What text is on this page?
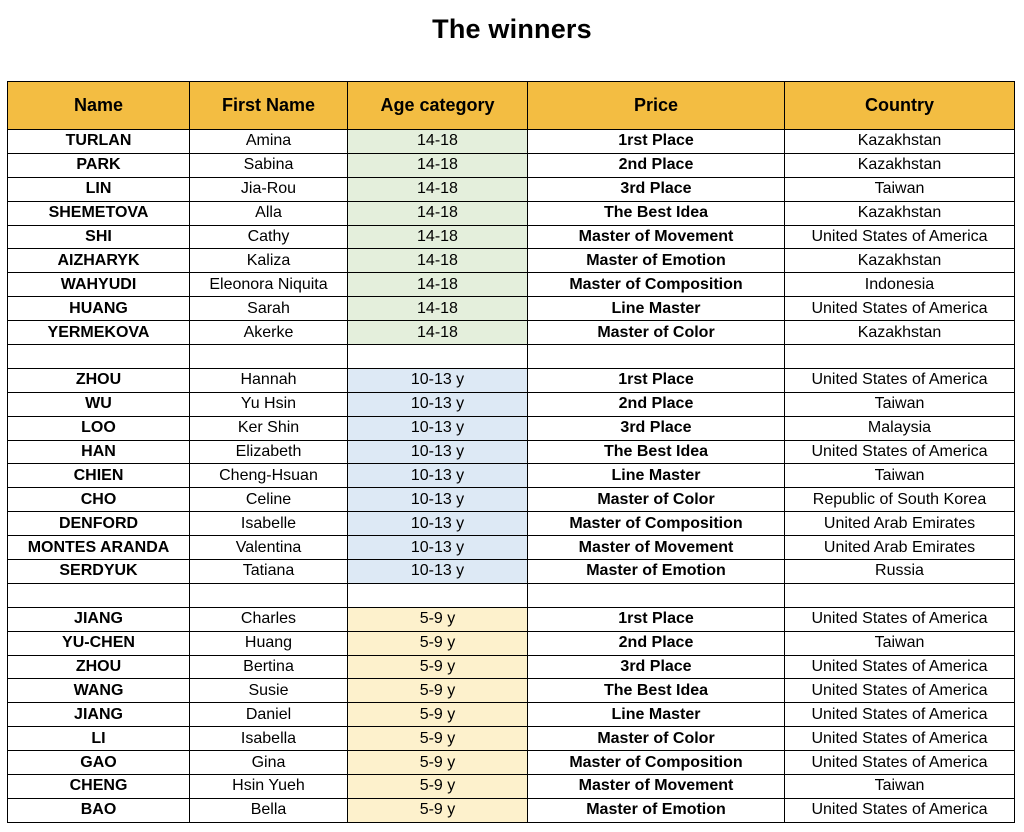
The winners
Name	First Name	Age category	Price	Country
TURLAN	Amina	14-18	1rst Place	Kazakhstan
PARK	Sabina	14-18	2nd Place	Kazakhstan
LIN	Jia-Rou	14-18	3rd Place	Taiwan
SHEMETOVA	Alla	14-18	The Best Idea	Kazakhstan
SHI	Cathy	14-18	Master of Movement	United States of America
AIZHARYK	Kaliza	14-18	Master of Emotion	Kazakhstan
WAHYUDI	Eleonora Niquita	14-18	Master of Composition	Indonesia
HUANG	Sarah	14-18	Line Master	United States of America
YERMEKOVA	Akerke	14-18	Master of Color	Kazakhstan

ZHOU	Hannah	10-13 y	1rst Place	United States of America
WU	Yu Hsin	10-13 y	2nd Place	Taiwan
LOO	Ker Shin	10-13 y	3rd Place	Malaysia
HAN	Elizabeth	10-13 y	The Best Idea	United States of America
CHIEN	Cheng-Hsuan	10-13 y	Line Master	Taiwan
CHO	Celine	10-13 y	Master of Color	Republic of South Korea
DENFORD	Isabelle	10-13 y	Master of Composition	United Arab Emirates
MONTES ARANDA	Valentina	10-13 y	Master of Movement	United Arab Emirates
SERDYUK	Tatiana	10-13 y	Master of Emotion	Russia

JIANG	Charles	5-9 y	1rst Place	United States of America
YU-CHEN	Huang	5-9 y	2nd Place	Taiwan
ZHOU	Bertina	5-9 y	3rd Place	United States of America
WANG	Susie	5-9 y	The Best Idea	United States of America
JIANG	Daniel	5-9 y	Line Master	United States of America
LI	Isabella	5-9 y	Master of Color	United States of America
GAO	Gina	5-9 y	Master of Composition	United States of America
CHENG	Hsin Yueh	5-9 y	Master of Movement	Taiwan
BAO	Bella	5-9 y	Master of Emotion	United States of America
